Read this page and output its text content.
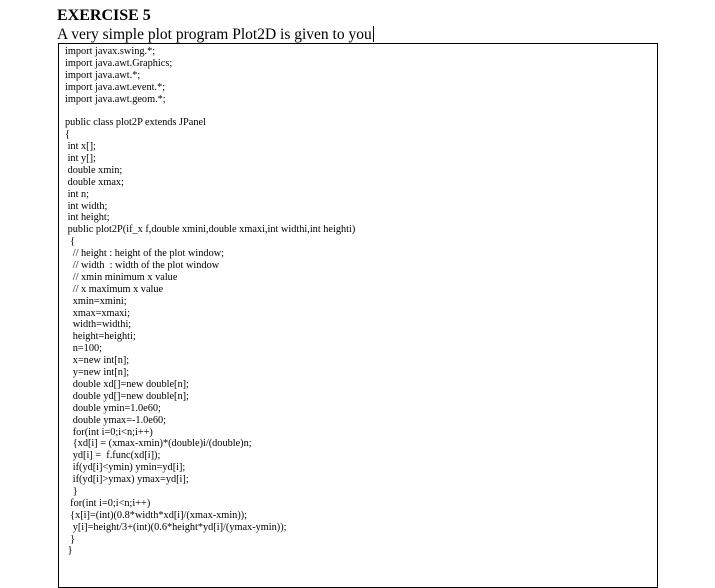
EXERCISE 5
A very simple plot program Plot2D is given to you
import javax.swing.*;
import java.awt.Graphics;
import java.awt.*;
import java.awt.event.*;
import java.awt.geom.*;
public class plot2P extends JPanel
{
int x[];
int y[];
double xmin;
double xmax;
int n;
int width;
int height;
public plot2P(if_x f,double xmini,double xmaxi,int widthi,int heighti)
{
// height : height of the plot window;
// width  : width of the plot window
// xmin minimum x value
// x maximum x value
xmin=xmini;
xmax=xmaxi;
width=widthi;
height=heighti;
n=100;
x=new int[n];
y=new int[n];
double xd[]=new double[n];
double yd[]=new double[n];
double ymin=1.0e60;
double ymax=-1.0e60;
for(int i=0;i<n;i++)
{xd[i] = (xmax-xmin)*(double)i/(double)n;
yd[i] =  f.func(xd[i]);
if(yd[i]<ymin) ymin=yd[i];
if(yd[i]>ymax) ymax=yd[i];
}
for(int i=0;i<n;i++)
{x[i]=(int)(0.8*width*xd[i]/(xmax-xmin));
y[i]=height/3+(int)(0.6*height*yd[i]/(ymax-ymin));
}
}
